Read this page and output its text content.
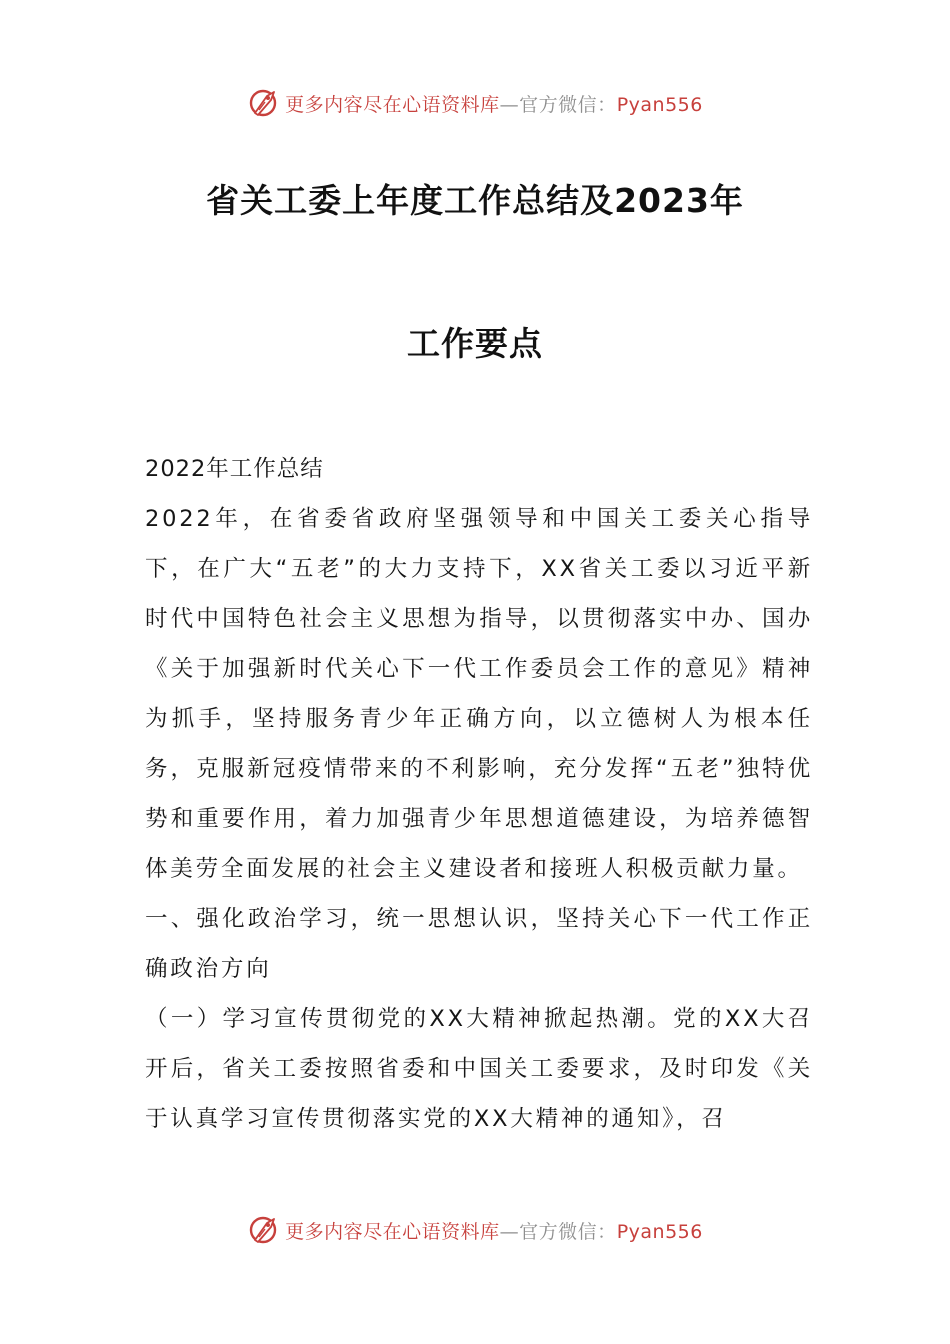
更多内容尽在心语资料库—官方微信：Pyan556
省关工委上年度工作总结及2023年
工作要点

2022年工作总结

2022年，在省委省政府坚强领导和中国关工委关心指导下，在广大“五老”的大力支持下，XX省关工委以习近平新时代中国特色社会主义思想为指导，以贯彻落实中办、国办《关于加强新时代关心下一代工作委员会工作的意见》精神为抓手，坚持服务青少年正确方向，以立德树人为根本任务，克服新冠疫情带来的不利影响，充分发挥“五老”独特优势和重要作用，着力加强青少年思想道德建设，为培养德智体美劳全面发展的社会主义建设者和接班人积极贡献力量。

一、强化政治学习，统一思想认识，坚持关心下一代工作正确政治方向

（一）学习宣传贯彻党的XX大精神掀起热潮。党的XX大召开后，省关工委按照省委和中国关工委要求，及时印发《关于认真学习宣传贯彻落实党的XX大精神的通知》，召

更多内容尽在心语资料库—官方微信：Pyan556
